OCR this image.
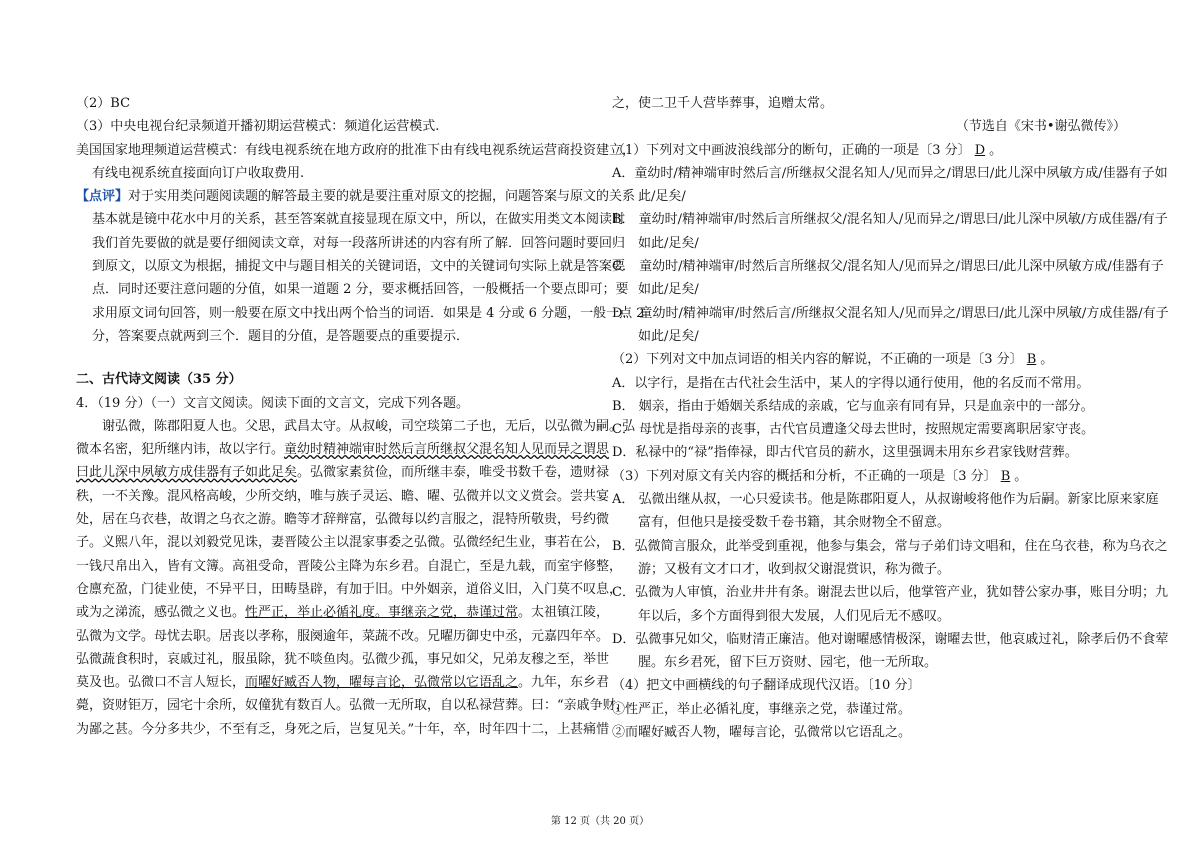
（2）BC
（3）中央电视台纪录频道开播初期运营模式：频道化运营模式.
美国国家地理频道运营模式：有线电视系统在地方政府的批准下由有线电视系统运营商投资建立，
有线电视系统直接面向订户收取费用.
【点评】对于实用类问题阅读题的解答最主要的就是要注重对原文的挖掘，问题答案与原文的关系
基本就是镜中花水中月的关系，甚至答案就直接显现在原文中，所以，在做实用类文本阅读时
我们首先要做的就是要仔细阅读文章，对每一段落所讲述的内容有所了解．回答问题时要回归
到原文，以原文为根据，捕捉文中与题目相关的关键词语，文中的关键词句实际上就是答案要
点．同时还要注意问题的分值，如果一道题 2 分，要求概括回答，一般概括一个要点即可；要
求用原文词句回答，则一般要在原文中找出两个恰当的词语．如果是 4 分或 6 分题，一般一点 2
分，答案要点就两到三个．题目的分值，是答题要点的重要提示．
二、古代诗文阅读（35 分）
4．（19 分）（一）文言文阅读。阅读下面的文言文，完成下列各题。
谢弘微，陈郡阳夏人也。父思，武昌太守。从叔峻，司空琰第二子也，无后，以弘微为嗣。弘
微本名密，犯所继内讳，故以字行。童幼时精神端审时然后言所继叔父混名知人见而异之谓思
曰此儿深中夙敏方成佳器有子如此足矣。弘微家素贫俭，而所继丰泰，唯受书数千卷，遗财禄
秩，一不关豫。混风格高峻，少所交纳，唯与族子灵运、瞻、曜、弘微并以文义赏会。尝共宴
处，居在乌衣巷，故谓之乌衣之游。瞻等才辞辩富，弘微每以约言服之，混特所敬贵，号约微
子。义熙八年，混以刘毅党见诛，妻晋陵公主以混家事委之弘微。弘微经纪生业，事若在公，
一钱尺帛出入，皆有文簿。高祖受命，晋陵公主降为东乡君。自混亡，至是九载，而室宇修整，
仓廪充盈，门徒业使，不异平日，田畴垦辟，有加于旧。中外姻亲，道俗义旧，入门莫不叹息，
或为之涕流，感弘微之义也。性严正，举止必循礼度。事继亲之党，恭谨过常。太祖镇江陵，
弘微为文学。母忧去职。居丧以孝称，服阕逾年，菜蔬不改。兄曜历御史中丞，元嘉四年卒。
弘微蔬食积时，哀戚过礼，服虽除，犹不啖鱼肉。弘微少孤，事兄如父，兄弟友穆之至，举世
莫及也。弘微口不言人短长，而曜好臧否人物，曜每言论，弘微常以它语乱之。九年，东乡君
薨，资财钜万，园宅十余所，奴僮犹有数百人。弘微一无所取，自以私禄营葬。曰：“亲戚争财，
为鄙之甚。今分多共少，不至有乏，身死之后，岂复见关。”十年，卒，时年四十二，上甚痛惜
之，使二卫千人营毕葬事，追赠太常。
（节选自《宋书•谢弘微传》）
（1）下列对文中画波浪线部分的断句，正确的一项是〔3 分〕 D 。
A．童幼时/精神端审时然后言/所继叔父混名知人/见而异之/谓思曰/此儿深中夙敏方成/佳器有子如
此/足矣/
B． 童幼时/精神端审/时然后言所继叔父/混名知人/见而异之/谓思曰/此儿深中夙敏/方成佳器/有子
如此/足矣/
C． 童幼时/精神端审/时然后言所继叔父/混名知人/见而异之/谓思曰/此儿深中夙敏方成/佳器有子
如此/足矣/
D． 童幼时/精神端审/时然后言/所继叔父混名知人/见而异之/谓思曰/此儿深中夙敏/方成佳器/有子
如此/足矣/
（2）下列对文中加点词语的相关内容的解说，不正确的一项是〔3 分〕 B 。
A．以字行，是指在古代社会生活中，某人的字得以通行使用，他的名反而不常用。
B． 姻亲，指由于婚姻关系结成的亲戚，它与血亲有同有异，只是血亲中的一部分。
C． 母忧是指母亲的丧事，古代官员遭逢父母去世时，按照规定需要离职居家守丧。
D．私禄中的“禄”指俸禄，即古代官员的薪水，这里强调未用东乡君家钱财营葬。
（3）下列对原文有关内容的概括和分析，不正确的一项是〔3 分〕 B 。
A． 弘微出继从叔，一心只爱读书。他是陈郡阳夏人，从叔谢峻将他作为后嗣。新家比原来家庭
富有，但他只是接受数千卷书籍，其余财物全不留意。
B．弘微简言服众，此举受到重视，他参与集会，常与子弟们诗文唱和，住在乌衣巷，称为乌衣之
游；又极有文才口才，收到叔父谢混赏识，称为微子。
C．弘微为人审慎，治业井井有条。谢混去世以后，他掌管产业，犹如替公家办事，账目分明；九
年以后，多个方面得到很大发展，人们见后无不感叹。
D．弘微事兄如父，临财清正廉洁。他对谢曜感情极深，谢曜去世，他哀戚过礼，除孝后仍不食荤
腥。东乡君死，留下巨万资财、园宅，他一无所取。
（4）把文中画横线的句子翻译成现代汉语。〔10 分〕
①性严正，举止必循礼度，事继亲之党，恭谨过常。
②而曜好臧否人物，曜每言论，弘微常以它语乱之。
第 12 页（共 20 页）
